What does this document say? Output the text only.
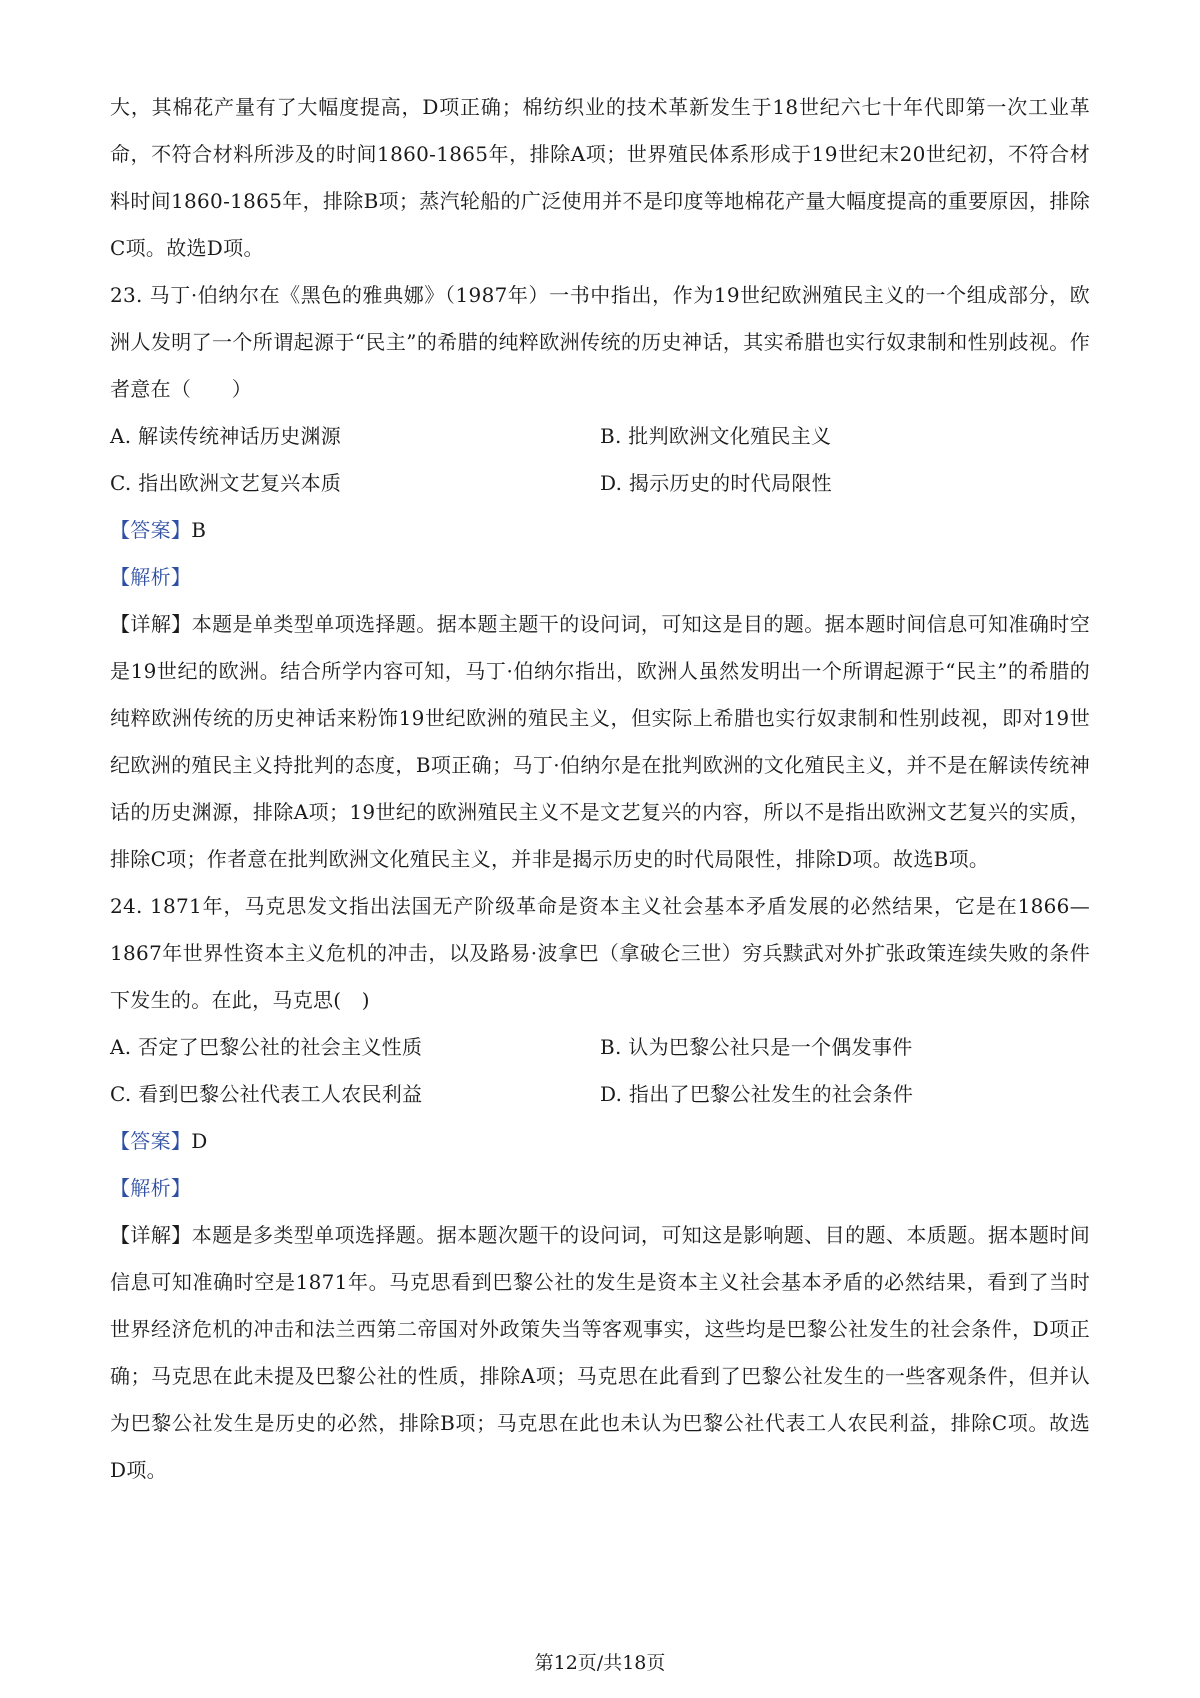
大，其棉花产量有了大幅度提高，D项正确；棉纺织业的技术革新发生于18世纪六七十年代即第一次工业革命，不符合材料所涉及的时间1860-1865年，排除A项；世界殖民体系形成于19世纪末20世纪初，不符合材料时间1860-1865年，排除B项；蒸汽轮船的广泛使用并不是印度等地棉花产量大幅度提高的重要原因，排除C项。故选D项。

23. 马丁·伯纳尔在《黑色的雅典娜》（1987年）一书中指出，作为19世纪欧洲殖民主义的一个组成部分，欧洲人发明了一个所谓起源于“民主”的希腊的纯粹欧洲传统的历史神话，其实希腊也实行奴隶制和性别歧视。作者意在（　　）

A. 解读传统神话历史渊源	B. 批判欧洲文化殖民主义

C. 指出欧洲文艺复兴本质	D. 揭示历史的时代局限性

【答案】B

【解析】

【详解】本题是单类型单项选择题。据本题主题干的设问词，可知这是目的题。据本题时间信息可知准确时空是19世纪的欧洲。结合所学内容可知，马丁·伯纳尔指出，欧洲人虽然发明出一个所谓起源于“民主”的希腊的纯粹欧洲传统的历史神话来粉饰19世纪欧洲的殖民主义，但实际上希腊也实行奴隶制和性别歧视，即对19世纪欧洲的殖民主义持批判的态度，B项正确；马丁·伯纳尔是在批判欧洲的文化殖民主义，并不是在解读传统神话的历史渊源，排除A项；19世纪的欧洲殖民主义不是文艺复兴的内容，所以不是指出欧洲文艺复兴的实质，排除C项；作者意在批判欧洲文化殖民主义，并非是揭示历史的时代局限性，排除D项。故选B项。

24. 1871年，马克思发文指出法国无产阶级革命是资本主义社会基本矛盾发展的必然结果，它是在1866—1867年世界性资本主义危机的冲击，以及路易·波拿巴（拿破仑三世）穷兵黩武对外扩张政策连续失败的条件下发生的。在此，马克思(　)

A. 否定了巴黎公社的社会主义性质	B. 认为巴黎公社只是一个偶发事件

C. 看到巴黎公社代表工人农民利益	D. 指出了巴黎公社发生的社会条件

【答案】D

【解析】

【详解】本题是多类型单项选择题。据本题次题干的设问词，可知这是影响题、目的题、本质题。据本题时间信息可知准确时空是1871年。马克思看到巴黎公社的发生是资本主义社会基本矛盾的必然结果，看到了当时世界经济危机的冲击和法兰西第二帝国对外政策失当等客观事实，这些均是巴黎公社发生的社会条件，D项正确；马克思在此未提及巴黎公社的性质，排除A项；马克思在此看到了巴黎公社发生的一些客观条件，但并认为巴黎公社发生是历史的必然，排除B项；马克思在此也未认为巴黎公社代表工人农民利益，排除C项。故选D项。

第12页/共18页
